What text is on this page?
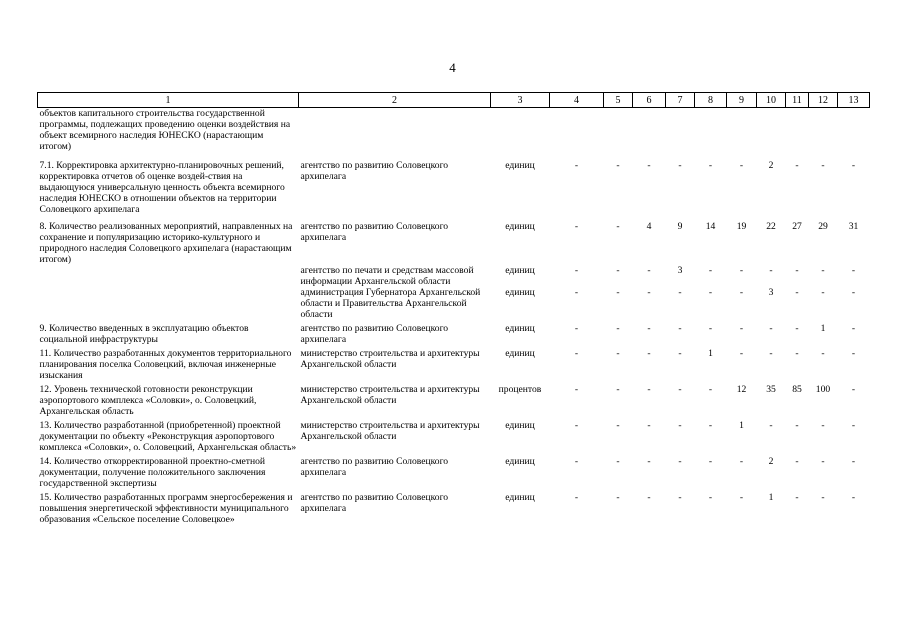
4
1	2	3	4	5	6	7	8	9	10	11	12	13
объектов капитального строительства государственной программы, подлежащих проведению оценки воздействия на объект всемирного наследия ЮНЕСКО (нарастающим итогом)												
7.1. Корректировка архитектурно-планировочных решений, корректировка отчетов об оценке воздей-ствия на выдающуюся универсальную ценность объекта всемирного наследия ЮНЕСКО в отношении объектов на территории Соловецкого архипелага	агентство по развитию Соловецкого архипелага	единиц	-	-	-	-	-	-	2	-	-	-
8. Количество реализованных мероприятий, направленных на сохранение и популяризацию историко-культурного и природного наследия Соловецкого архипелага (нарастающим итогом)	агентство по развитию Соловецкого архипелага	единиц	-	-	4	9	14	19	22	27	29	31
	агентство по печати и средствам массовой информации Архангельской области	единиц	-	-	-	3	-	-	-	-	-	-
	администрация Губернатора Архангельской области и Правительства Архангельской области	единиц	-	-	-	-	-	-	3	-	-	-
9. Количество введенных в эксплуатацию объектов социальной инфраструктуры	агентство по развитию Соловецкого архипелага	единиц	-	-	-	-	-	-	-	-	1	-
11. Количество разработанных документов территориального планирования поселка Соловецкий, включая инженерные изыскания	министерство строительства и архитектуры Архангельской области	единиц	-	-	-	-	1	-	-	-	-	-
12. Уровень технической готовности реконструкции аэропортового комплекса «Соловки», о. Соловецкий, Архангельская область	министерство строительства и архитектуры Архангельской области	процентов	-	-	-	-	-	12	35	85	100	-
13. Количество разработанной (приобретенной) проектной документации по объекту «Реконструкция аэропортового комплекса «Соловки», о. Соловецкий, Архангельская область»	министерство строительства и архитектуры Архангельской области	единиц	-	-	-	-	-	1	-	-	-	-
14. Количество откорректированной проектно-сметной документации, получение положительного заключения государственной экспертизы	агентство по развитию Соловецкого архипелага	единиц	-	-	-	-	-	-	2	-	-	-
15. Количество разработанных программ энергосбережения и повышения энергетической эффективности муниципального образования «Сельское поселение Соловецкое»	агентство по развитию Соловецкого архипелага	единиц	-	-	-	-	-	-	1	-	-	-
